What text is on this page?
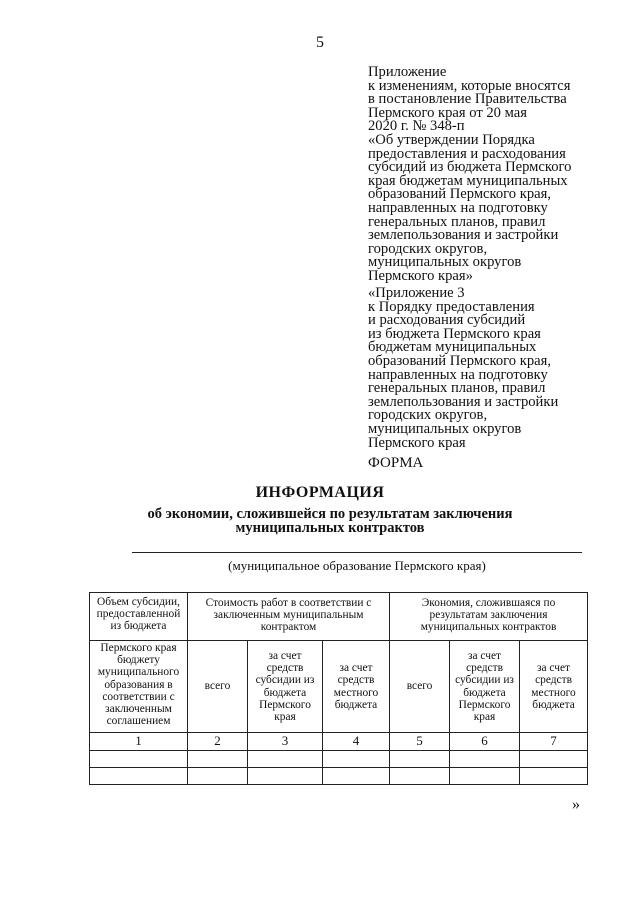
5
Приложение
к изменениям, которые вносятся
в постановление Правительства
Пермского края от 20 мая
2020 г. № 348-п
«Об утверждении Порядка
предоставления и расходования
субсидий из бюджета Пермского
края бюджетам муниципальных
образований Пермского края,
направленных на подготовку
генеральных планов, правил
землепользования и застройки
городских округов,
муниципальных округов
Пермского края»
«Приложение 3
к Порядку предоставления
и расходования субсидий
из бюджета Пермского края
бюджетам муниципальных
образований Пермского края,
направленных на подготовку
генеральных планов, правил
землепользования и застройки
городских округов,
муниципальных округов
Пермского края
ФОРМА
ИНФОРМАЦИЯ
об экономии, сложившейся по результатам заключения
муниципальных контрактов
(муниципальное образование Пермского края)
Объем субсидии, предоставленной из бюджета	Стоимость работ в соответствии с заключенным муниципальным контрактом			Экономия, сложившаяся по результатам заключения муниципальных контрактов		
Пермского края бюджету муниципального образования в соответствии с заключенным соглашением	всего	за счет средств субсидии из бюджета Пермского края	за счет средств местного бюджета	всего	за счет средств субсидии из бюджета Пермского края	за счет средств местного бюджета
1	2	3	4	5	6	7

»
